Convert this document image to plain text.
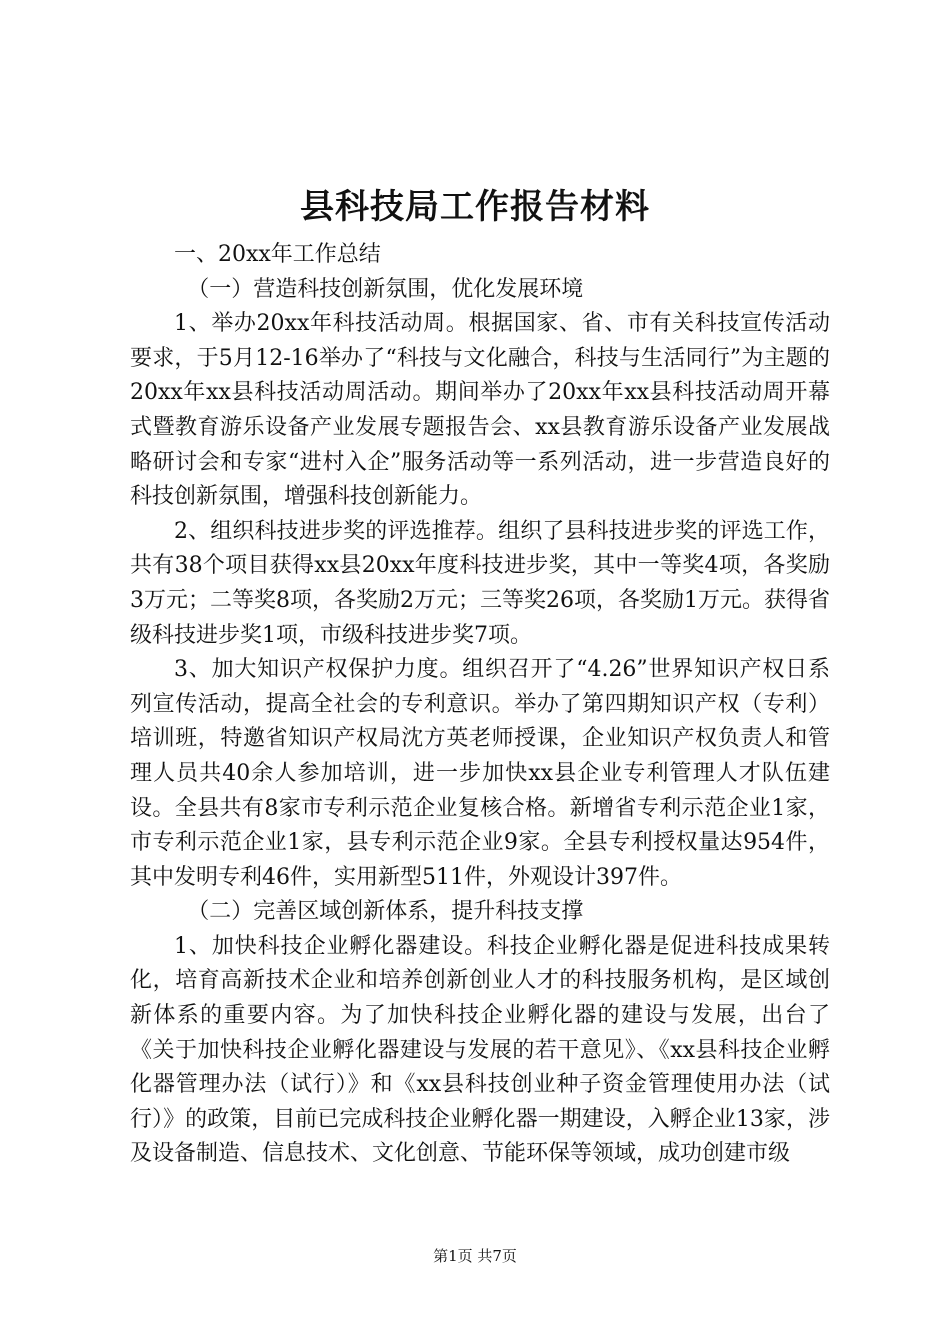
县科技局工作报告材料

一、20xx年工作总结

（一）营造科技创新氛围，优化发展环境

1、举办20xx年科技活动周。根据国家、省、市有关科技宣传活动要求，于5月12-16举办了“科技与文化融合，科技与生活同行”为主题的20xx年xx县科技活动周活动。期间举办了20xx年xx县科技活动周开幕式暨教育游乐设备产业发展专题报告会、xx县教育游乐设备产业发展战略研讨会和专家“进村入企”服务活动等一系列活动，进一步营造良好的科技创新氛围，增强科技创新能力。

2、组织科技进步奖的评选推荐。组织了县科技进步奖的评选工作，共有38个项目获得xx县20xx年度科技进步奖，其中一等奖4项，各奖励3万元；二等奖8项，各奖励2万元；三等奖26项，各奖励1万元。获得省级科技进步奖1项，市级科技进步奖7项。

3、加大知识产权保护力度。组织召开了“4.26”世界知识产权日系列宣传活动，提高全社会的专利意识。举办了第四期知识产权（专利）培训班，特邀省知识产权局沈方英老师授课，企业知识产权负责人和管理人员共40余人参加培训，进一步加快xx县企业专利管理人才队伍建设。全县共有8家市专利示范企业复核合格。新增省专利示范企业1家，市专利示范企业1家，县专利示范企业9家。全县专利授权量达954件，其中发明专利46件，实用新型511件，外观设计397件。

（二）完善区域创新体系，提升科技支撑

1、加快科技企业孵化器建设。科技企业孵化器是促进科技成果转化，培育高新技术企业和培养创新创业人才的科技服务机构，是区域创新体系的重要内容。为了加快科技企业孵化器的建设与发展，出台了《关于加快科技企业孵化器建设与发展的若干意见》、《xx县科技企业孵化器管理办法（试行）》和《xx县科技创业种子资金管理使用办法（试行）》的政策，目前已完成科技企业孵化器一期建设，入孵企业13家，涉及设备制造、信息技术、文化创意、节能环保等领域，成功创建市级

第1页 共7页
